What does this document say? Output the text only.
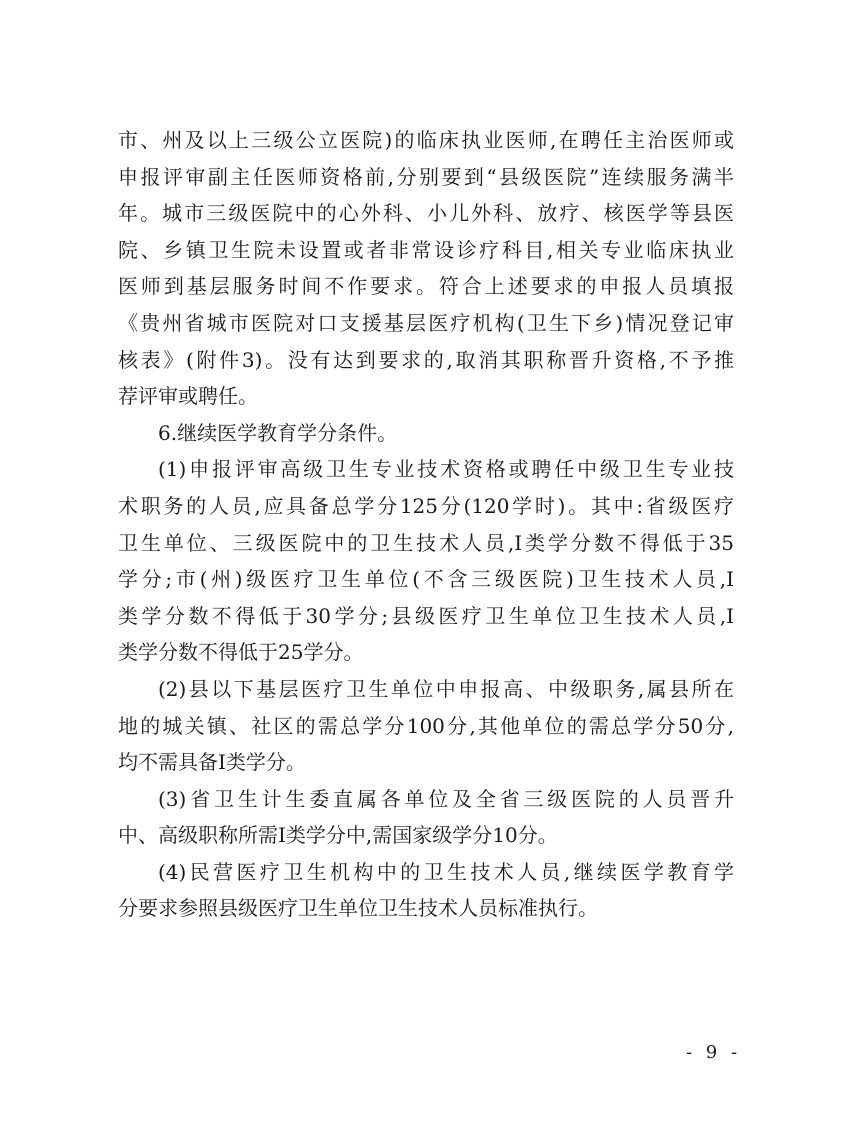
市、州及以上三级公立医院)的临床执业医师,在聘任主治医师或
申报评审副主任医师资格前,分别要到“县级医院”连续服务满半
年。城市三级医院中的心外科、小儿外科、放疗、核医学等县医
院、乡镇卫生院未设置或者非常设诊疗科目,相关专业临床执业
医师到基层服务时间不作要求。符合上述要求的申报人员填报
《贵州省城市医院对口支援基层医疗机构(卫生下乡)情况登记审
核表》(附件3)。没有达到要求的,取消其职称晋升资格,不予推
荐评审或聘任。
6.继续医学教育学分条件。
(1)申报评审高级卫生专业技术资格或聘任中级卫生专业技
术职务的人员,应具备总学分125分(120学时)。其中:省级医疗
卫生单位、三级医院中的卫生技术人员,I类学分数不得低于35
学分;市(州)级医疗卫生单位(不含三级医院)卫生技术人员,I
类学分数不得低于30学分;县级医疗卫生单位卫生技术人员,I
类学分数不得低于25学分。
(2)县以下基层医疗卫生单位中申报高、中级职务,属县所在
地的城关镇、社区的需总学分100分,其他单位的需总学分50分,
均不需具备I类学分。
(3)省卫生计生委直属各单位及全省三级医院的人员晋升
中、高级职称所需I类学分中,需国家级学分10分。
(4)民营医疗卫生机构中的卫生技术人员,继续医学教育学
分要求参照县级医疗卫生单位卫生技术人员标准执行。
- 9 -
